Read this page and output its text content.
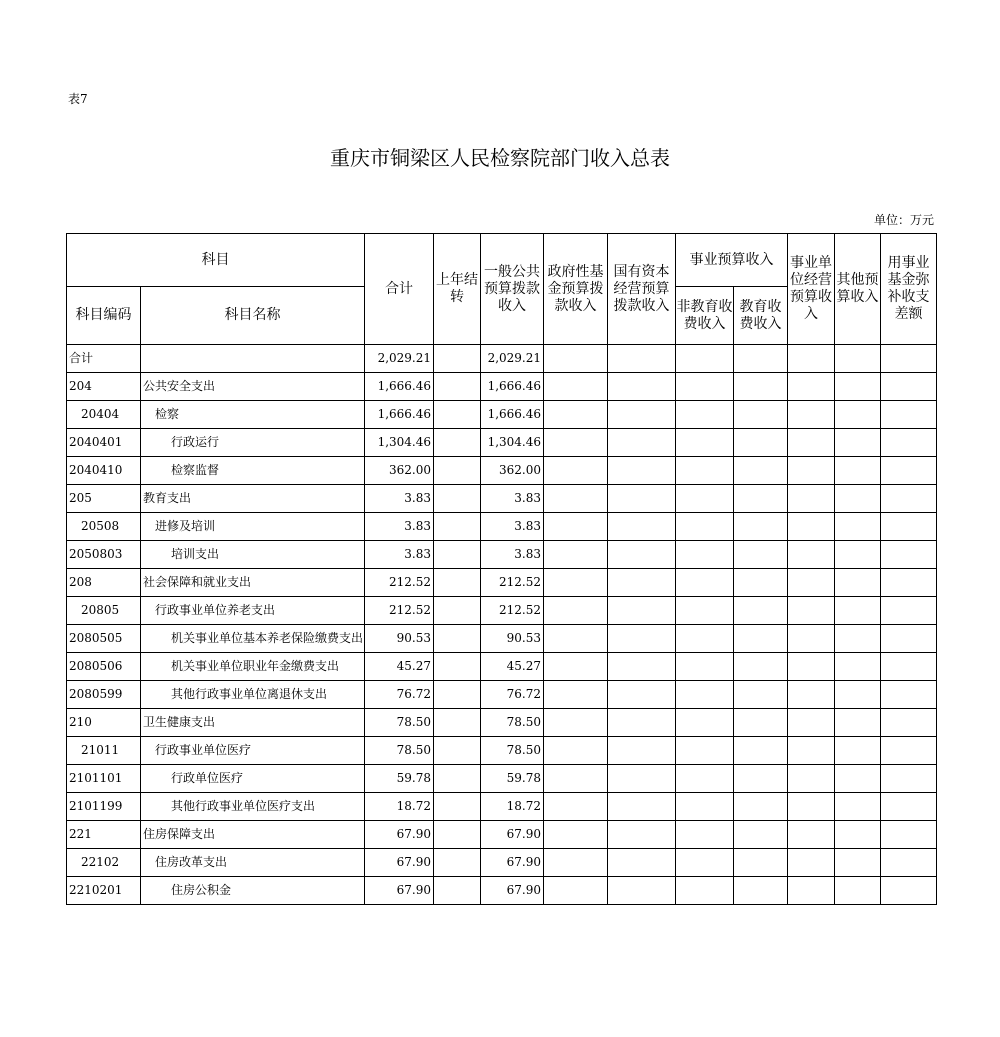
表7
重庆市铜梁区人民检察院部门收入总表
单位：万元
科目		合计	上年结转	一般公共预算拨款收入	政府性基金预算拨款收入	国有资本经营预算拨款收入	事业预算收入		事业单位经营预算收入	其他预算收入	用事业基金弥补收支差额
科目编码	科目名称						非教育收费收入	教育收费收入			
合计		2,029.21		2,029.21							
204	公共安全支出	1,666.46		1,666.46							
20404	检察	1,666.46		1,666.46							
2040401	行政运行	1,304.46		1,304.46							
2040410	检察监督	362.00		362.00							
205	教育支出	3.83		3.83							
20508	进修及培训	3.83		3.83							
2050803	培训支出	3.83		3.83							
208	社会保障和就业支出	212.52		212.52							
20805	行政事业单位养老支出	212.52		212.52							
2080505	机关事业单位基本养老保险缴费支出	90.53		90.53							
2080506	机关事业单位职业年金缴费支出	45.27		45.27							
2080599	其他行政事业单位离退休支出	76.72		76.72							
210	卫生健康支出	78.50		78.50							
21011	行政事业单位医疗	78.50		78.50							
2101101	行政单位医疗	59.78		59.78							
2101199	其他行政事业单位医疗支出	18.72		18.72							
221	住房保障支出	67.90		67.90							
22102	住房改革支出	67.90		67.90							
2210201	住房公积金	67.90		67.90							
